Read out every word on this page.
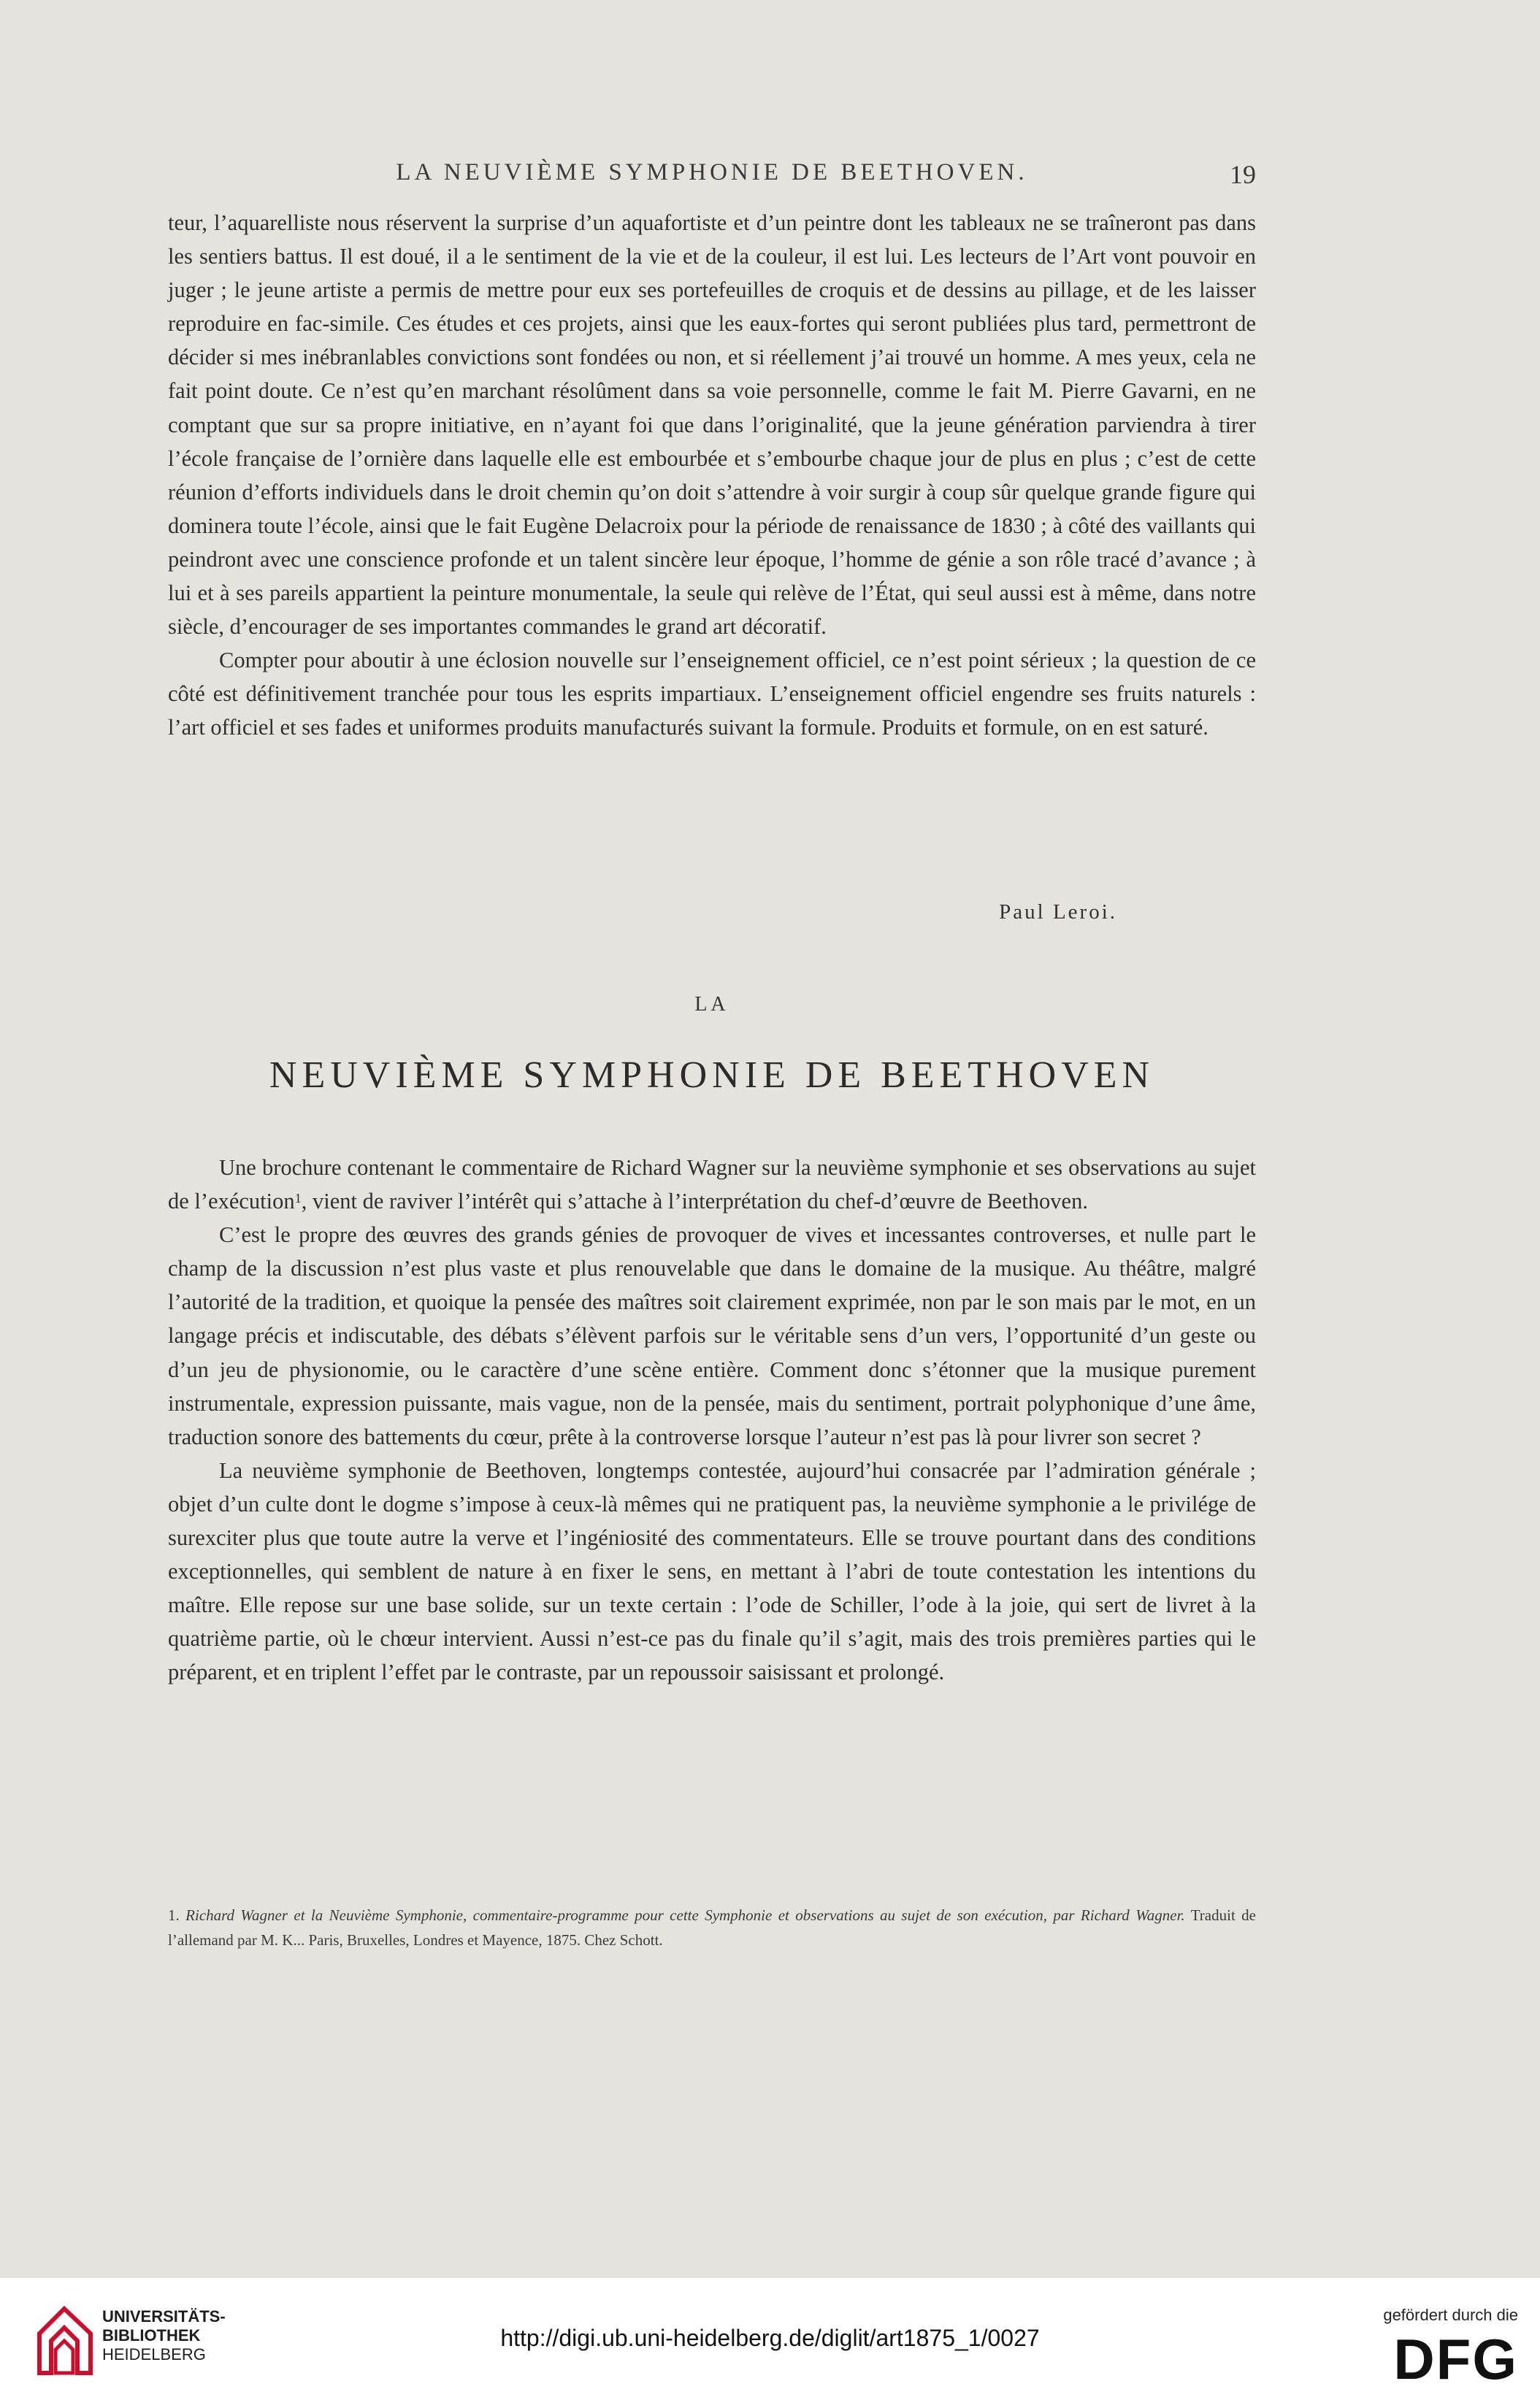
LA NEUVIÈME SYMPHONIE DE BEETHOVEN.	19

teur, l’aquarelliste nous réservent la surprise d’un aquafortiste et d’un peintre dont les tableaux ne se traîneront pas dans les sentiers battus. Il est doué, il a le sentiment de la vie et de la couleur, il est lui. Les lecteurs de l’Art vont pouvoir en juger ; le jeune artiste a permis de mettre pour eux ses portefeuilles de croquis et de dessins au pillage, et de les laisser reproduire en fac-simile. Ces études et ces projets, ainsi que les eaux-fortes qui seront publiées plus tard, permettront de décider si mes inébranlables convictions sont fondées ou non, et si réellement j’ai trouvé un homme. A mes yeux, cela ne fait point doute. Ce n’est qu’en marchant résolûment dans sa voie personnelle, comme le fait M. Pierre Gavarni, en ne comptant que sur sa propre initiative, en n’ayant foi que dans l’originalité, que la jeune génération parviendra à tirer l’école française de l’ornière dans laquelle elle est embourbée et s’embourbe chaque jour de plus en plus ; c’est de cette réunion d’efforts individuels dans le droit chemin qu’on doit s’attendre à voir surgir à coup sûr quelque grande figure qui dominera toute l’école, ainsi que le fait Eugène Delacroix pour la période de renaissance de 1830 ; à côté des vaillants qui peindront avec une conscience profonde et un talent sincère leur époque, l’homme de génie a son rôle tracé d’avance ; à lui et à ses pareils appartient la peinture monumentale, la seule qui relève de l’État, qui seul aussi est à même, dans notre siècle, d’encourager de ses importantes commandes le grand art décoratif.

Compter pour aboutir à une éclosion nouvelle sur l’enseignement officiel, ce n’est point sérieux ; la question de ce côté est définitivement tranchée pour tous les esprits impartiaux. L’enseignement officiel engendre ses fruits naturels : l’art officiel et ses fades et uniformes produits manufacturés suivant la formule. Produits et formule, on en est saturé.

Paul Leroi.
LA
NEUVIÈME SYMPHONIE DE BEETHOVEN

Une brochure contenant le commentaire de Richard Wagner sur la neuvième symphonie et ses observations au sujet de l’exécution$^1$, vient de raviver l’intérêt qui s’attache à l’interprétation du chef-d’œuvre de Beethoven.

C’est le propre des œuvres des grands génies de provoquer de vives et incessantes controverses, et nulle part le champ de la discussion n’est plus vaste et plus renouvelable que dans le domaine de la musique. Au théâtre, malgré l’autorité de la tradition, et quoique la pensée des maîtres soit clairement exprimée, non par le son mais par le mot, en un langage précis et indiscutable, des débats s’élèvent parfois sur le véritable sens d’un vers, l’opportunité d’un geste ou d’un jeu de physionomie, ou le caractère d’une scène entière. Comment donc s’étonner que la musique purement instrumentale, expression puissante, mais vague, non de la pensée, mais du sentiment, portrait polyphonique d’une âme, traduction sonore des battements du cœur, prête à la controverse lorsque l’auteur n’est pas là pour livrer son secret ?

La neuvième symphonie de Beethoven, longtemps contestée, aujourd’hui consacrée par l’admiration générale ; objet d’un culte dont le dogme s’impose à ceux-là mêmes qui ne pratiquent pas, la neuvième symphonie a le privilége de surexciter plus que toute autre la verve et l’ingéniosité des commentateurs. Elle se trouve pourtant dans des conditions exceptionnelles, qui semblent de nature à en fixer le sens, en mettant à l’abri de toute contestation les intentions du maître. Elle repose sur une base solide, sur un texte certain : l’ode de Schiller, l’ode à la joie, qui sert de livret à la quatrième partie, où le chœur intervient. Aussi n’est-ce pas du finale qu’il s’agit, mais des trois premières parties qui le préparent, et en triplent l’effet par le contraste, par un repoussoir saisissant et prolongé.

1. Richard Wagner et la Neuvième Symphonie, commentaire-programme pour cette Symphonie et observations au sujet de son exécution, par Richard Wagner. Traduit de l’allemand par M. K... Paris, Bruxelles, Londres et Mayence, 1875. Chez Schott.
UNIVERSITÄTS-
BIBLIOTHEK
HEIDELBERG
http://digi.ub.uni-heidelberg.de/diglit/art1875_1/0027
gefördert durch die
DFG
